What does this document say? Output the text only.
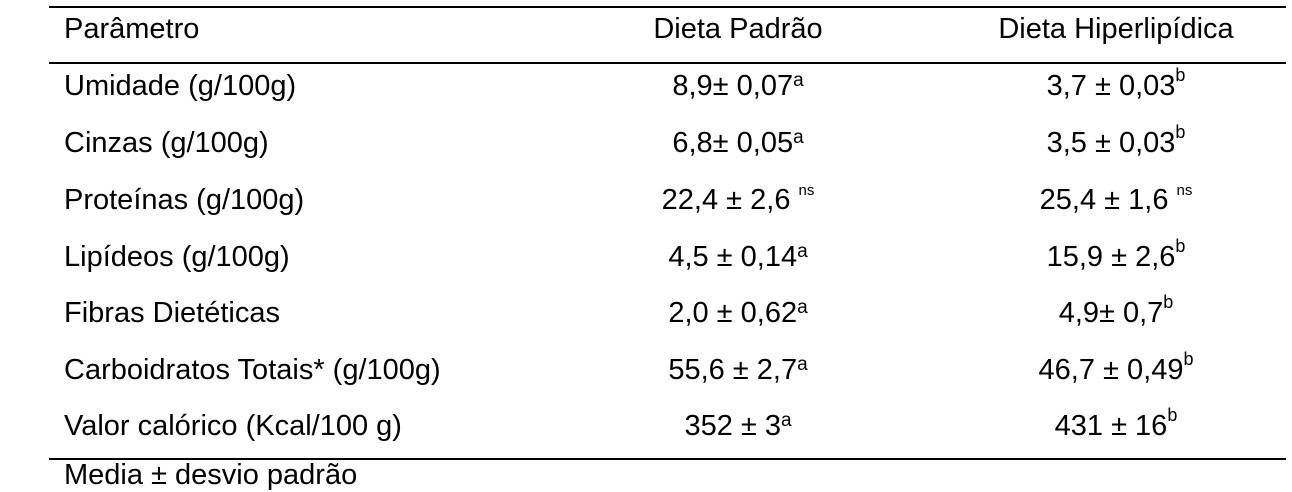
Parâmetro	Dieta Padrão	Dieta Hiperlipídica
Umidade (g/100g)	8,9± 0,07$^a$	3,7 ± 0,03$^b$
Cinzas (g/100g)	6,8± 0,05$^a$	3,5 ± 0,03$^b$
Proteínas (g/100g)	22,4 ± 2,6 $^{ns}$	25,4 ± 1,6 $^{ns}$
Lipídeos (g/100g)	4,5 ± 0,14$^a$	15,9 ± 2,6$^b$
Fibras Dietéticas	2,0 ± 0,62$^a$	4,9± 0,7$^b$
Carboidratos Totais* (g/100g)	55,6 ± 2,7$^a$	46,7 ± 0,49$^b$
Valor calórico (Kcal/100 g)	$352 \pm 3^a$	$431 \pm 16^b$
Media ± desvio padrão
